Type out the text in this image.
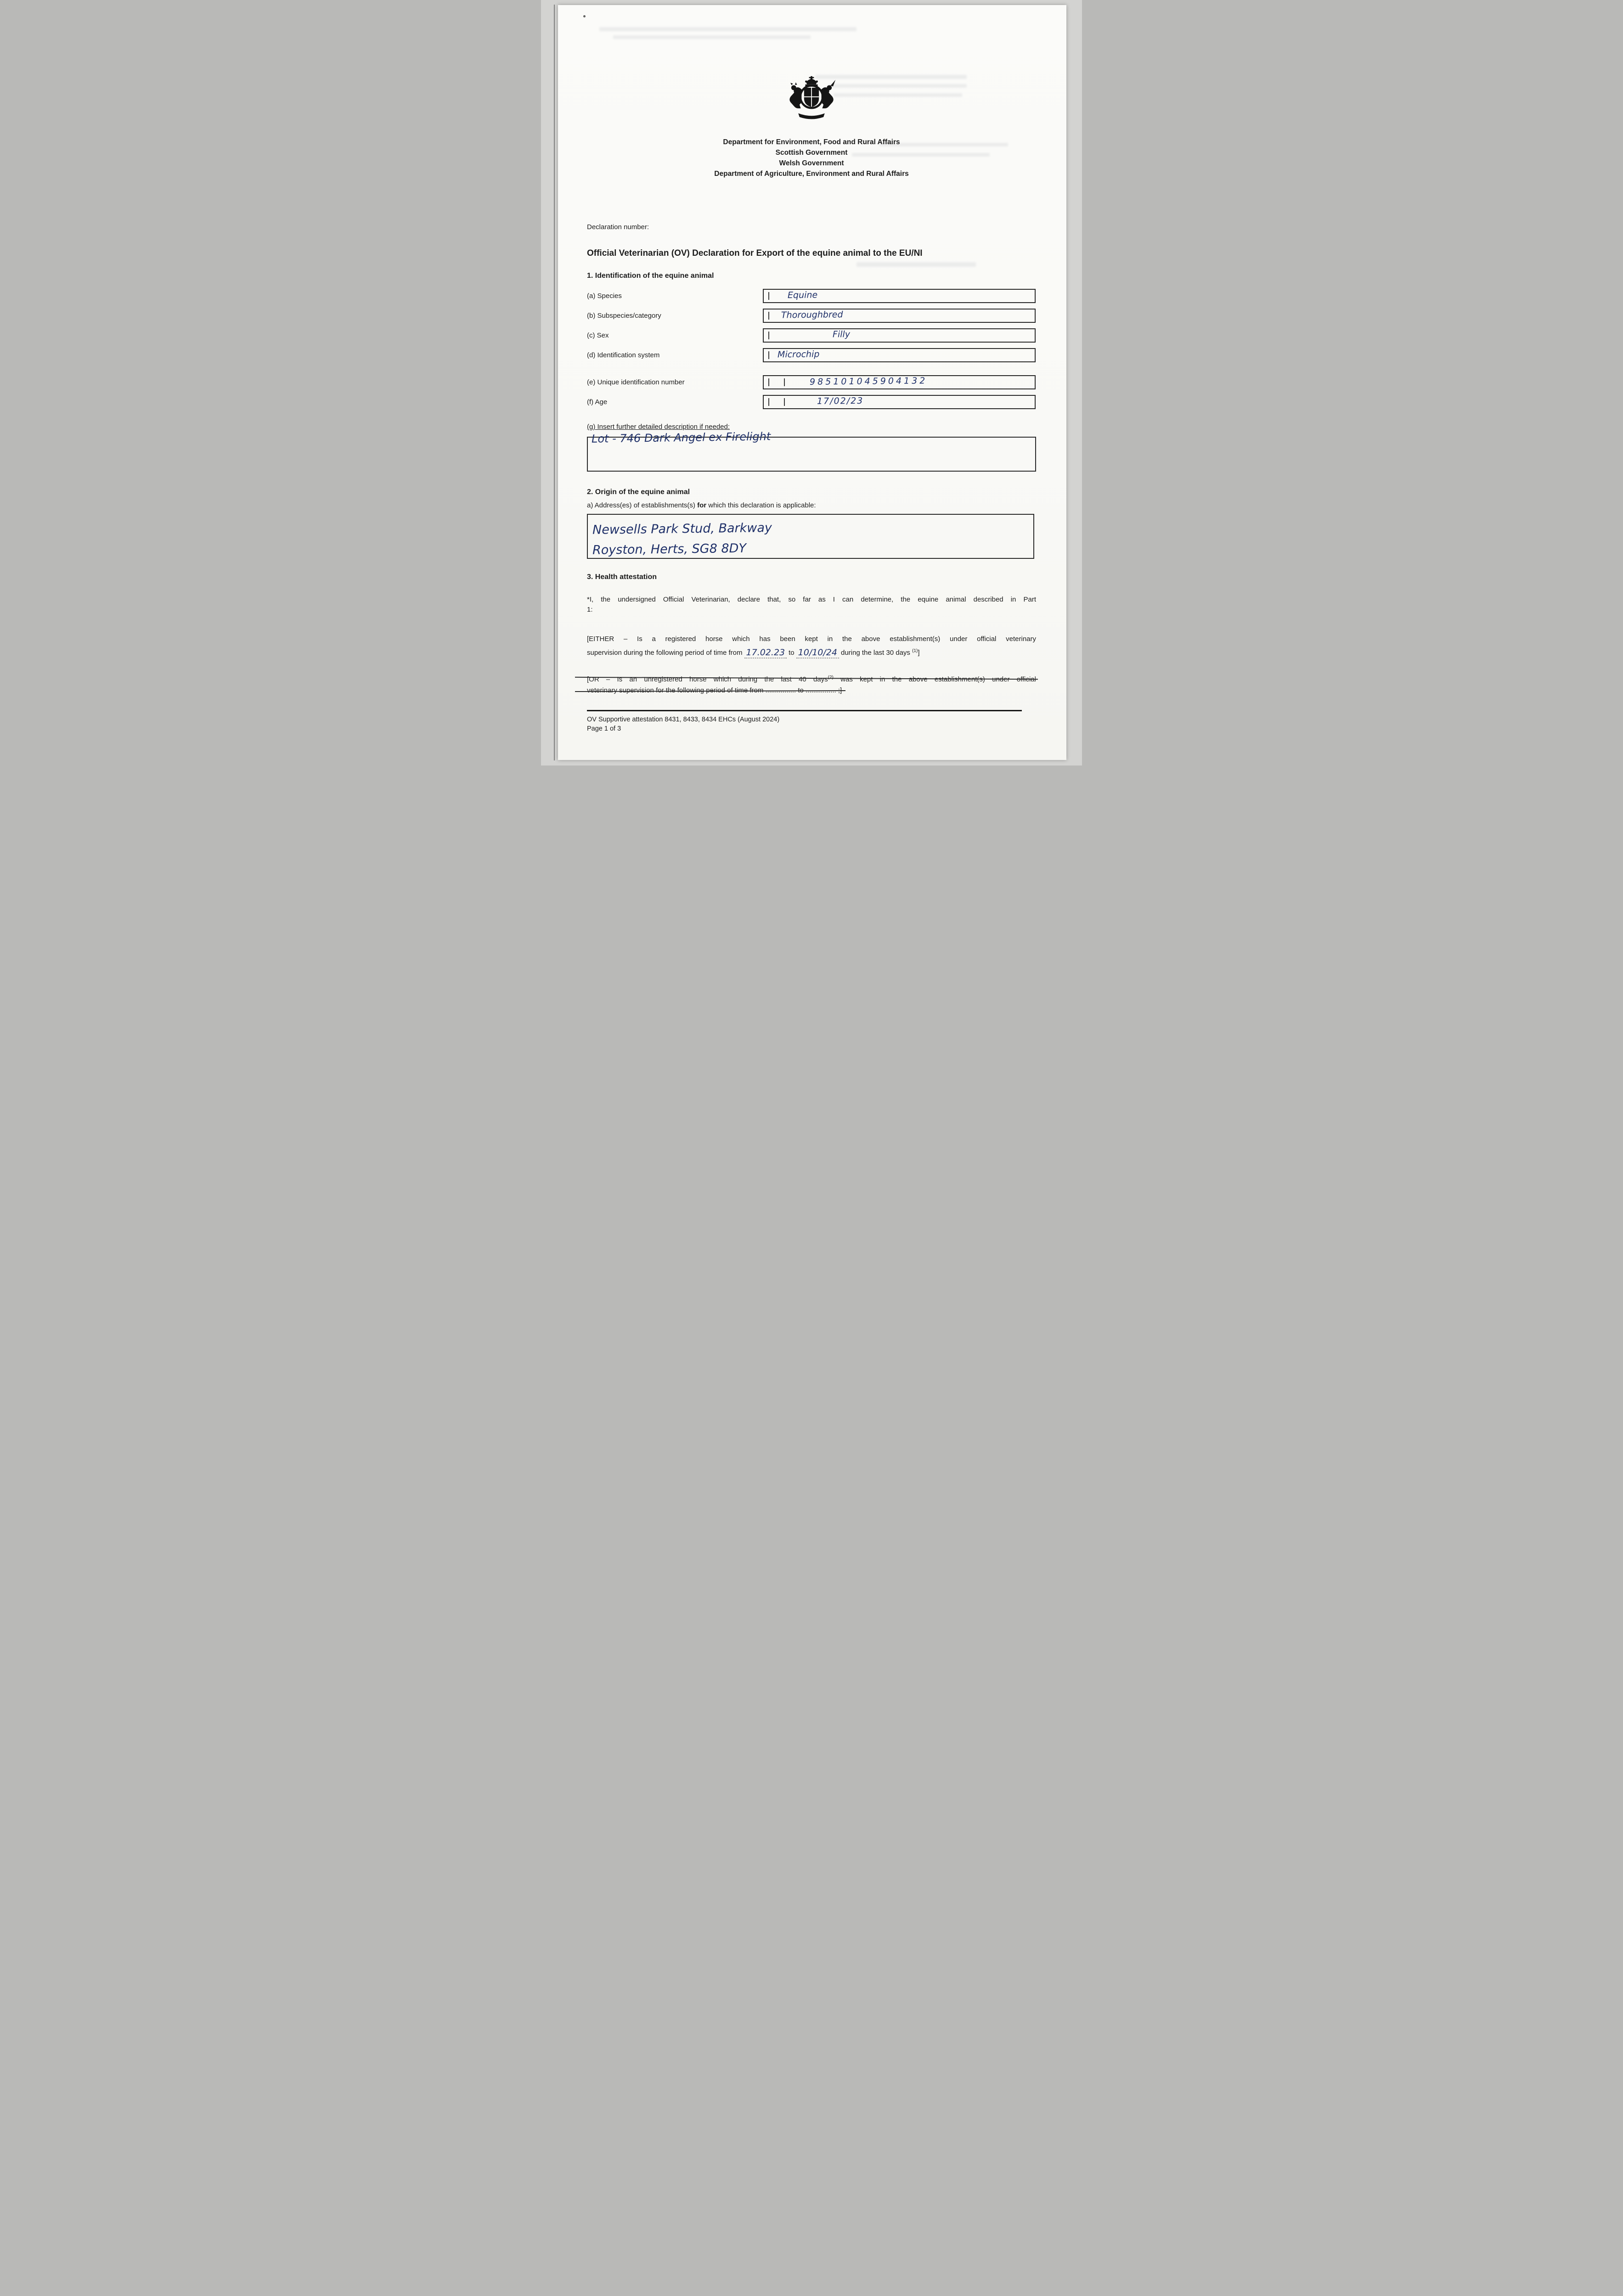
Department for Environment, Food and Rural Affairs
Scottish Government
Welsh Government
Department of Agriculture, Environment and Rural Affairs
Declaration number:
Official Veterinarian (OV) Declaration for Export of the equine animal to the EU/NI
1. Identification of the equine animal
(a) Species	Equine
(b) Subspecies/category	Thoroughbred
(c) Sex	Filly
(d) Identification system	Microchip
(e) Unique identification number	985101045904132
(f) Age	17/02/23
(g) Insert further detailed description if needed:
Lot - 746 Dark Angel ex Firelight
2. Origin of the equine animal
a) Address(es) of establishments(s) for which this declaration is applicable:
Newsells Park Stud, Barkway
Royston, Herts, SG8 8DY
3. Health attestation
*I, the undersigned Official Veterinarian, declare that, so far as I can determine, the equine animal described in Part
1:
[EITHER – Is a registered horse which has been kept in the above establishment(s) under official veterinary
supervision during the following period of time from 17.02.23 to 10/10/24 during the last 30 days $^{(1)}$]
[OR – Is an unregistered horse which during the last 40 days$^{(2)}$ was kept in the above establishment(s) under official
veterinary supervision for the following period of time from ................ to ................ ;]
OV Supportive attestation 8431, 8433, 8434 EHCs (August 2024)
Page 1 of 3
